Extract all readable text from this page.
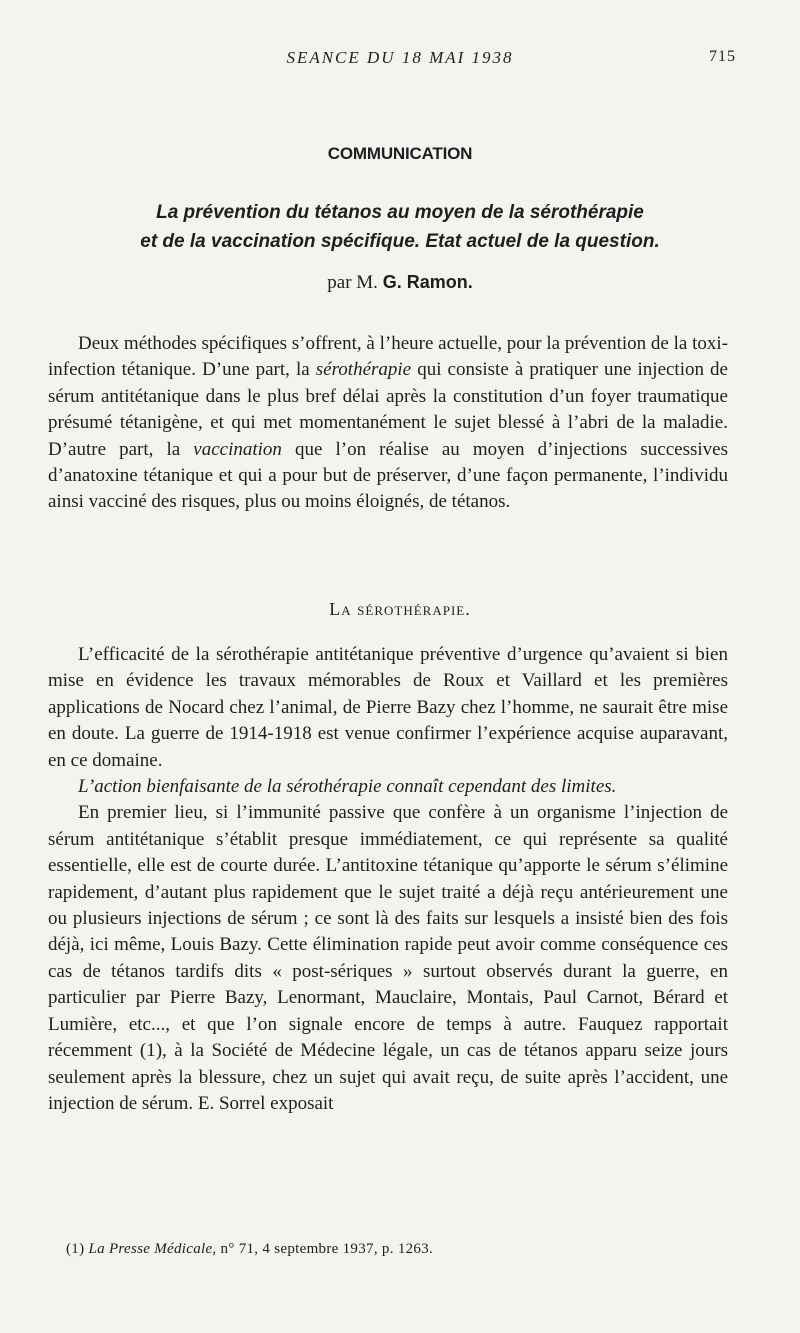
SEANCE DU 18 MAI 1938	715
COMMUNICATION
La prévention du tétanos au moyen de la sérothérapie
et de la vaccination spécifique. Etat actuel de la question.
par M. G. Ramon.

Deux méthodes spécifiques s’offrent, à l’heure actuelle, pour la prévention de la toxi-infection tétanique. D’une part, la sérothérapie qui consiste à pratiquer une injection de sérum antitétanique dans le plus bref délai après la constitution d’un foyer traumatique présumé tétanigène, et qui met momentanément le sujet blessé à l’abri de la maladie. D’autre part, la vaccination que l’on réalise au moyen d’injections successives d’anatoxine tétanique et qui a pour but de préserver, d’une façon permanente, l’individu ainsi vacciné des risques, plus ou moins éloignés, de tétanos.

La sérothérapie.

L’efficacité de la sérothérapie antitétanique préventive d’urgence qu’avaient si bien mise en évidence les travaux mémorables de Roux et Vaillard et les premières applications de Nocard chez l’animal, de Pierre Bazy chez l’homme, ne saurait être mise en doute. La guerre de 1914-1918 est venue confirmer l’expérience acquise auparavant, en ce domaine.

L’action bienfaisante de la sérothérapie connaît cependant des limites.

En premier lieu, si l’immunité passive que confère à un organisme l’injection de sérum antitétanique s’établit presque immédiatement, ce qui représente sa qualité essentielle, elle est de courte durée. L’antitoxine tétanique qu’apporte le sérum s’élimine rapidement, d’autant plus rapidement que le sujet traité a déjà reçu antérieurement une ou plusieurs injections de sérum ; ce sont là des faits sur lesquels a insisté bien des fois déjà, ici même, Louis Bazy. Cette élimination rapide peut avoir comme conséquence ces cas de tétanos tardifs dits « post-sériques » surtout observés durant la guerre, en particulier par Pierre Bazy, Lenormant, Mauclaire, Montais, Paul Carnot, Bérard et Lumière, etc..., et que l’on signale encore de temps à autre. Fauquez rapportait récemment (1), à la Société de Médecine légale, un cas de tétanos apparu seize jours seulement après la blessure, chez un sujet qui avait reçu, de suite après l’accident, une injection de sérum. E. Sorrel exposait

(1) La Presse Médicale, n° 71, 4 septembre 1937, p. 1263.
